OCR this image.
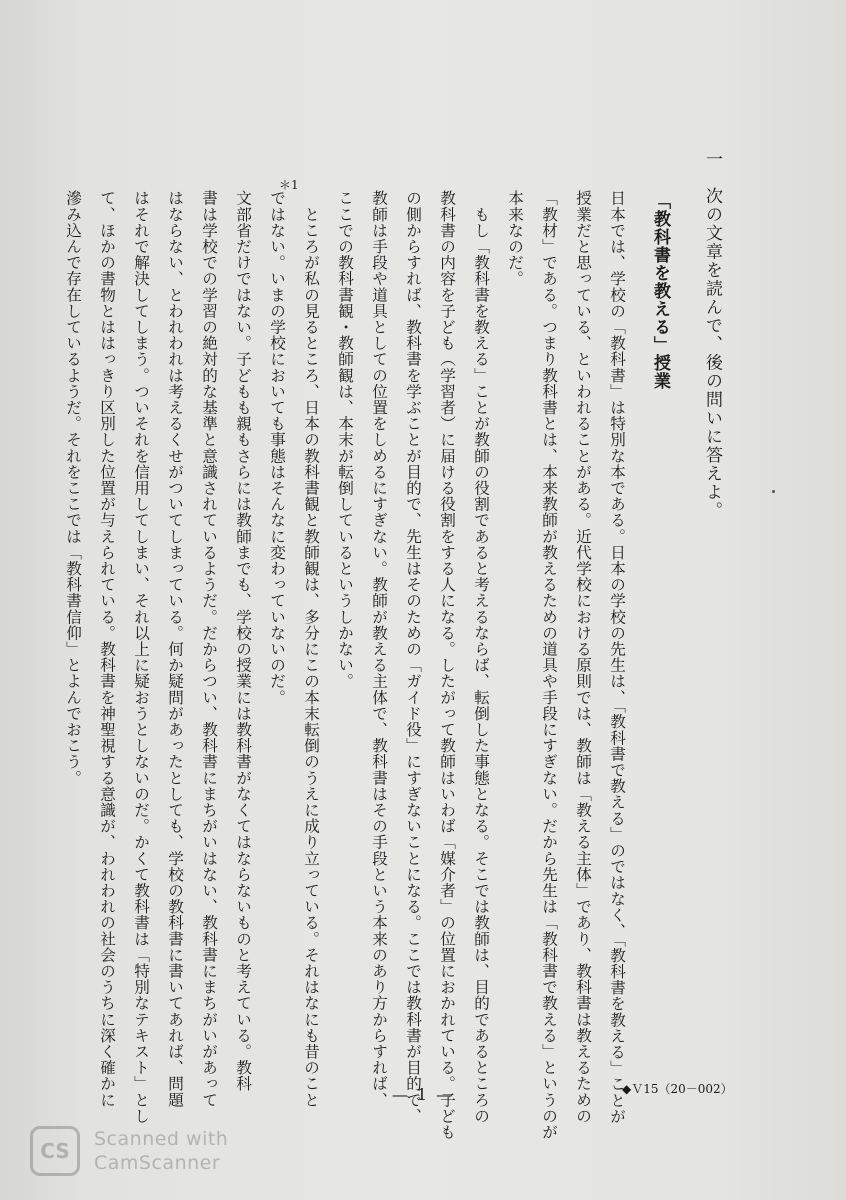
一　次の文章を読んで、後の問いに答えよ。
「教科書を教える」授業
日本では、学校の「教科書」は特別な本である。日本の学校の先生は、「教科書で教える」のではなく、「教科書を教える」ことが
授業だと思っている、といわれることがある。近代学校における原則では、教師は「教える主体」であり、教科書は教えるための
「教材」である。つまり教科書とは、本来教師が教えるための道具や手段にすぎない。だから先生は「教科書で教える」というのが
本来なのだ。
　もし「教科書を教える」ことが教師の役割であると考えるならば、転倒した事態となる。そこでは教師は、目的であるところの
教科書の内容を子ども（学習者）に届ける役割をする人になる。したがって教師はいわば「媒介者」の位置におかれている。子ども
の側からすれば、教科書を学ぶことが目的で、先生はそのための「ガイド役」にすぎないことになる。ここでは教科書が目的で、
教師は手段や道具としての位置をしめるにすぎない。教師が教える主体で、教科書はその手段という本来のあり方からすれば、
ここでの教科書観・教師観は、本末が転倒しているというしかない。
　ところが私の見るところ、日本の教科書観と教師観は、多分にこの本末転倒のうえに成り立っている。それはなにも昔のこと
ではない。いまの学校においても事態はそんなに変わっていないのだ。
＊1
文部省だけではない。子どもも親もさらには教師までも、学校の授業には教科書がなくてはならないものと考えている。教科
書は学校での学習の絶対的な基準と意識されているようだ。だからつい、教科書にまちがいはない、教科書にまちがいがあって
はならない、とわれわれは考えるくせがついてしまっている。何か疑問があったとしても、学校の教科書に書いてあれば、問題
はそれで解決してしまう。ついそれを信用してしまい、それ以上に疑おうとしないのだ。かくて教科書は「特別なテキスト」とし
て、ほかの書物とははっきり区別した位置が与えられている。教科書を神聖視する意識が、われわれの社会のうちに深く確かに
滲み込んで存在しているようだ。それをここでは「教科書信仰」とよんでおこう。
◆Ｖ15（20－002）
— 1 —
CS	Scanned with
CamScanner
